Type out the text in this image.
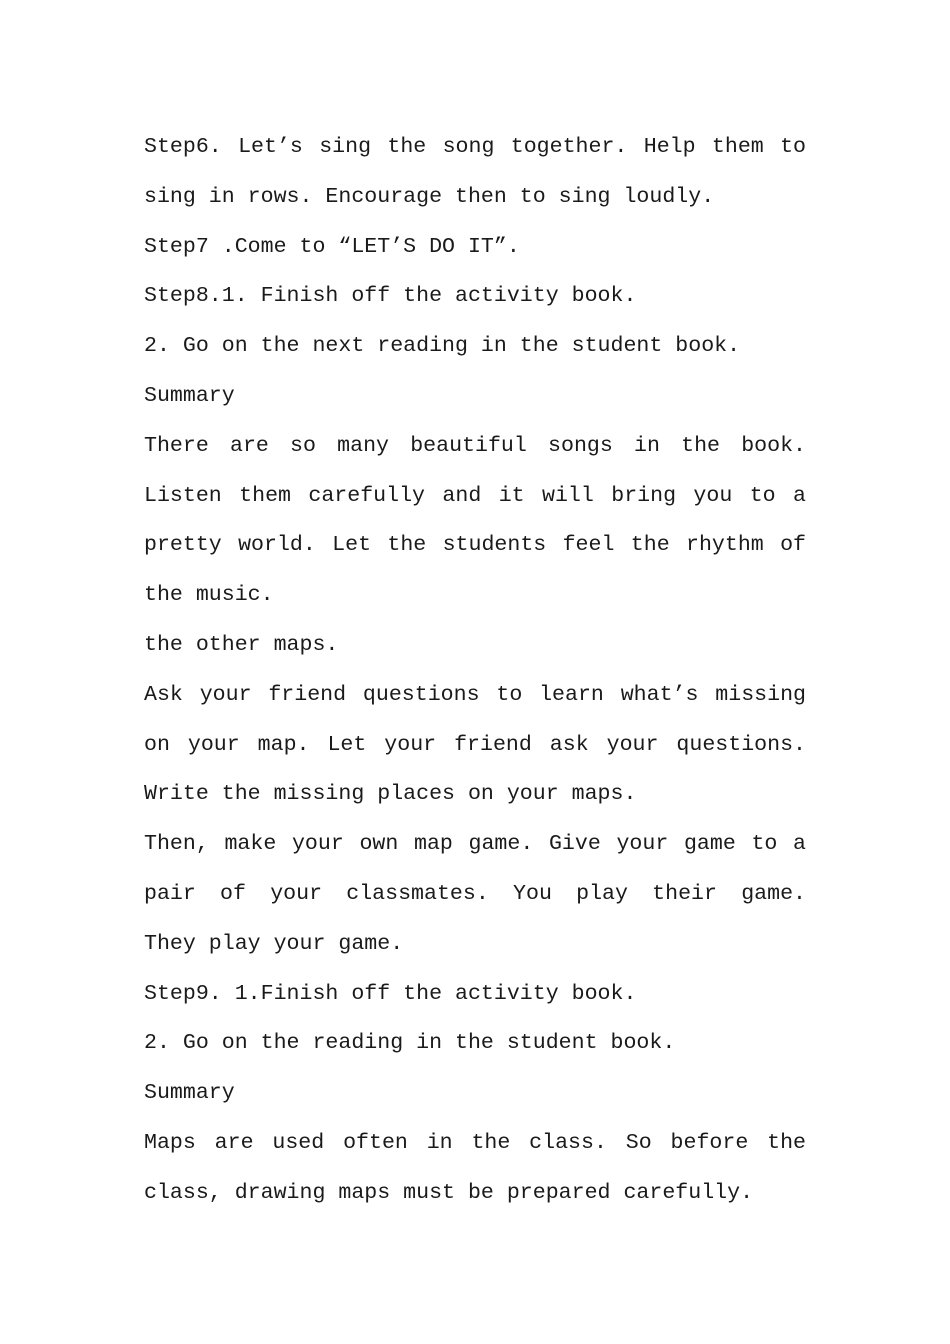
Step6. Let’s sing the song together. Help them to
sing in rows. Encourage then to sing loudly.
Step7 .Come to “LET’S DO IT”.
Step8.1. Finish off the activity book.
2. Go on the next reading in the student book.
Summary
There are so many beautiful songs in the book.
Listen them carefully and it will bring you to a
pretty world. Let the students feel the rhythm of
the music.
the other maps.
Ask your friend questions to learn what’s missing
on your map. Let your friend ask your questions.
Write the missing places on your maps.
Then, make your own map game. Give your game to a
pair of your classmates. You play their game.
They play your game.
Step9. 1.Finish off the activity book.
2. Go on the reading in the student book.
Summary
Maps are used often in the class. So before the
class, drawing maps must be prepared carefully.
